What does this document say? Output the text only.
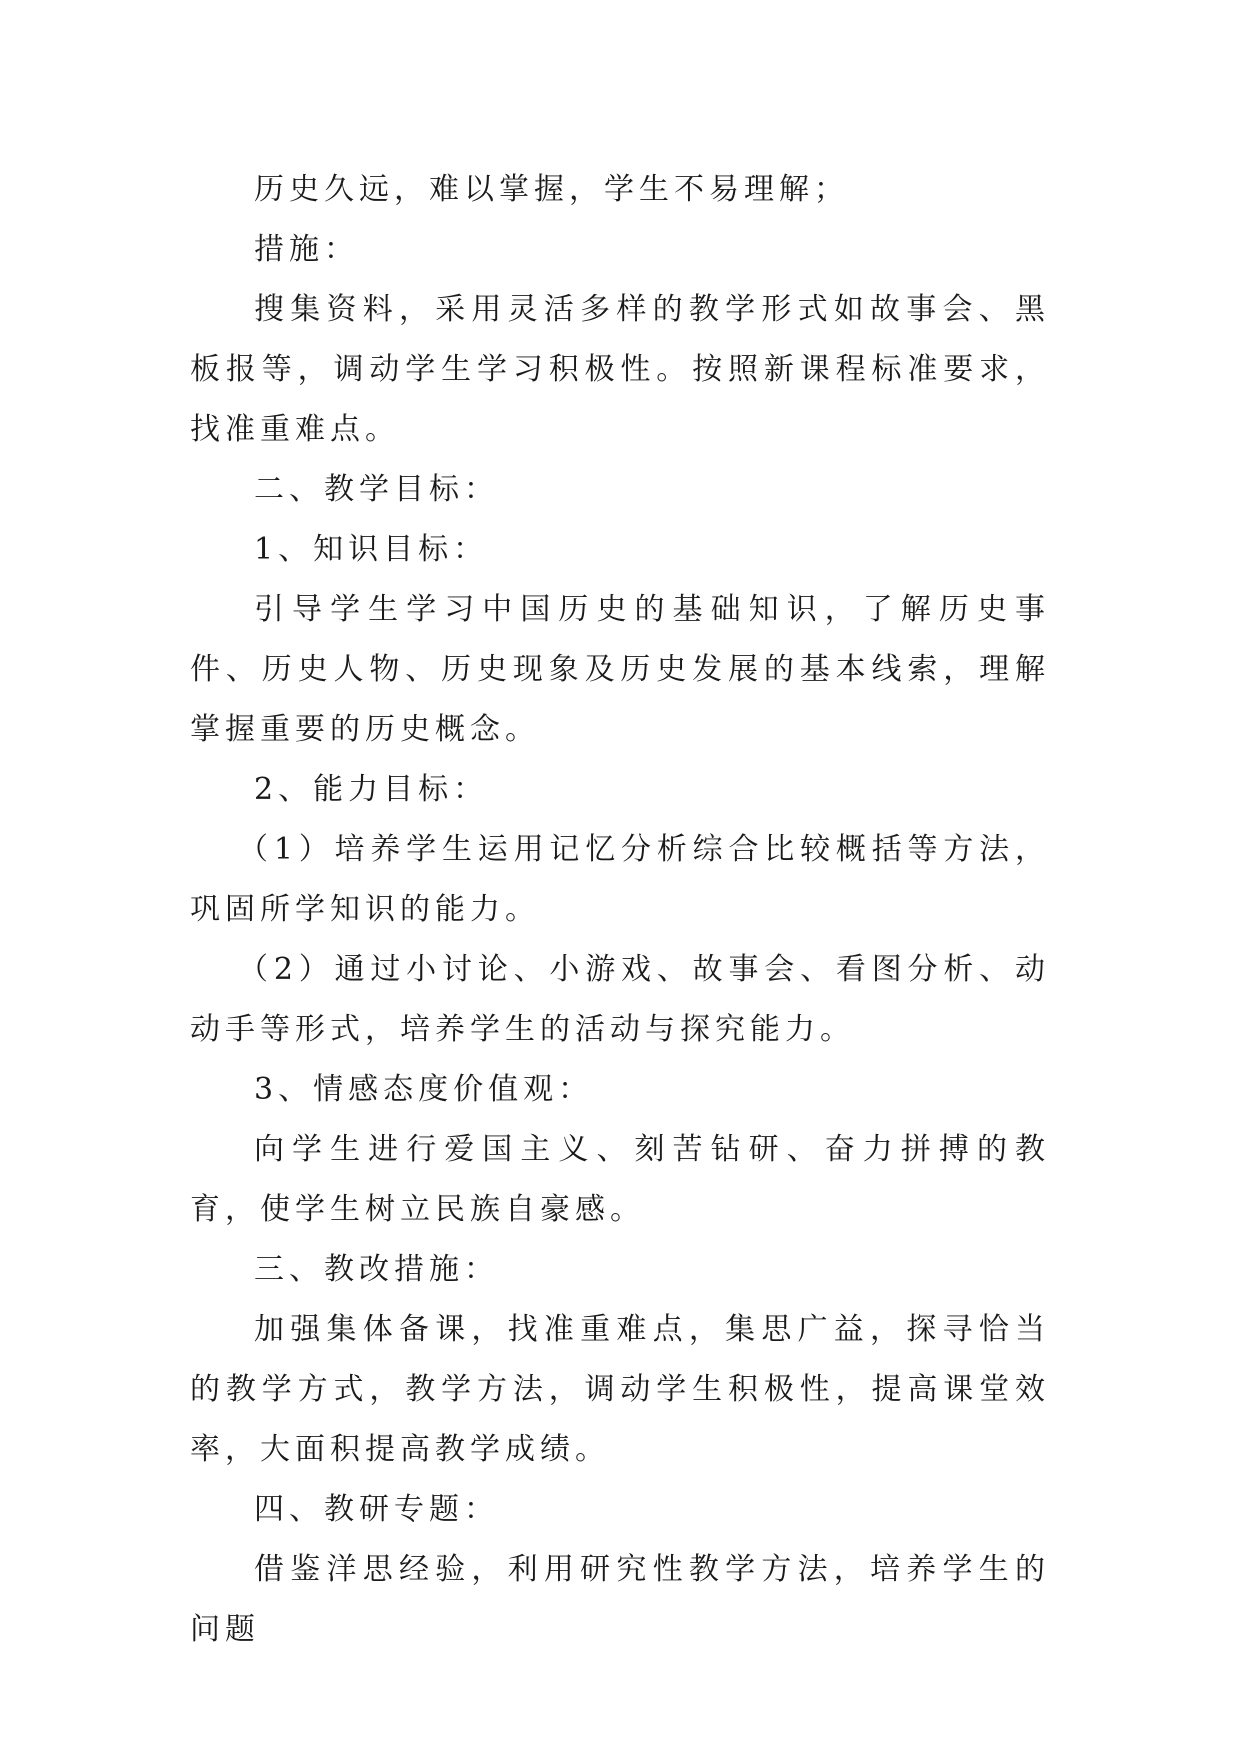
历史久远，难以掌握，学生不易理解；

措施：

搜集资料，采用灵活多样的教学形式如故事会、黑板报等，调动学生学习积极性。按照新课程标准要求，找准重难点。

二、教学目标：

1、知识目标：

引导学生学习中国历史的基础知识，了解历史事件、历史人物、历史现象及历史发展的基本线索，理解掌握重要的历史概念。

2、能力目标：

（1）培养学生运用记忆分析综合比较概括等方法，巩固所学知识的能力。

（2）通过小讨论、小游戏、故事会、看图分析、动动手等形式，培养学生的活动与探究能力。

3、情感态度价值观：

向学生进行爱国主义、刻苦钻研、奋力拼搏的教育，使学生树立民族自豪感。

三、教改措施：

加强集体备课，找准重难点，集思广益，探寻恰当的教学方式，教学方法，调动学生积极性，提高课堂效率，大面积提高教学成绩。

四、教研专题：

借鉴洋思经验，利用研究性教学方法，培养学生的问题
